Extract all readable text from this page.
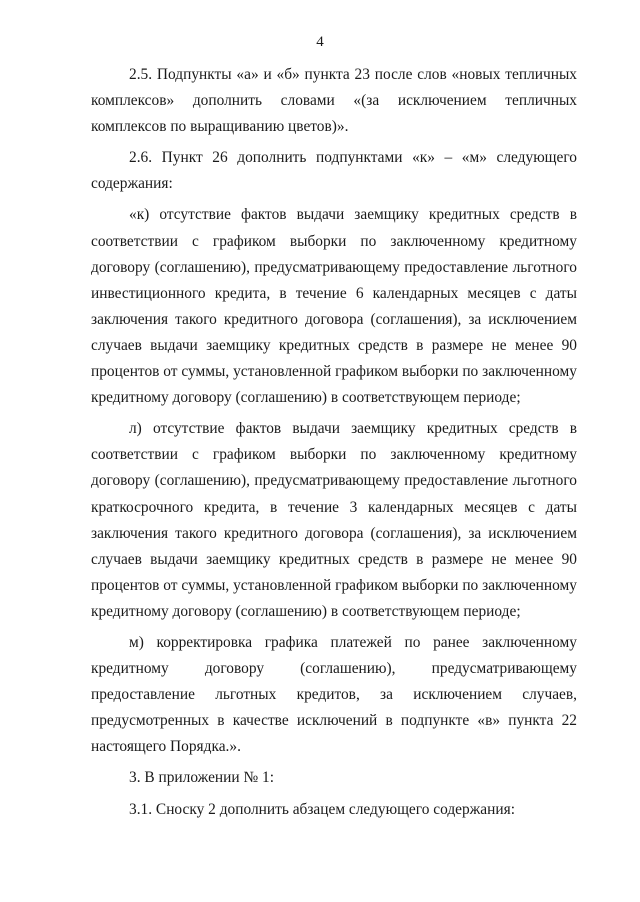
4

2.5. Подпункты «а» и «б» пункта 23 после слов «новых тепличных комплексов» дополнить словами «(за исключением тепличных комплексов по выращиванию цветов)».

2.6. Пункт 26 дополнить подпунктами «к» – «м» следующего содержания:

«к) отсутствие фактов выдачи заемщику кредитных средств в соответствии с графиком выборки по заключенному кредитному договору (соглашению), предусматривающему предоставление льготного инвестиционного кредита, в течение 6 календарных месяцев с даты заключения такого кредитного договора (соглашения), за исключением случаев выдачи заемщику кредитных средств в размере не менее 90 процентов от суммы, установленной графиком выборки по заключенному кредитному договору (соглашению) в соответствующем периоде;

л) отсутствие фактов выдачи заемщику кредитных средств в соответствии с графиком выборки по заключенному кредитному договору (соглашению), предусматривающему предоставление льготного краткосрочного кредита, в течение 3 календарных месяцев с даты заключения такого кредитного договора (соглашения), за исключением случаев выдачи заемщику кредитных средств в размере не менее 90 процентов от суммы, установленной графиком выборки по заключенному кредитному договору (соглашению) в соответствующем периоде;

м) корректировка графика платежей по ранее заключенному кредитному договору (соглашению), предусматривающему предоставление льготных кредитов, за исключением случаев, предусмотренных в качестве исключений в подпункте «в» пункта 22 настоящего Порядка.».

3. В приложении № 1:

3.1. Сноску 2 дополнить абзацем следующего содержания:
